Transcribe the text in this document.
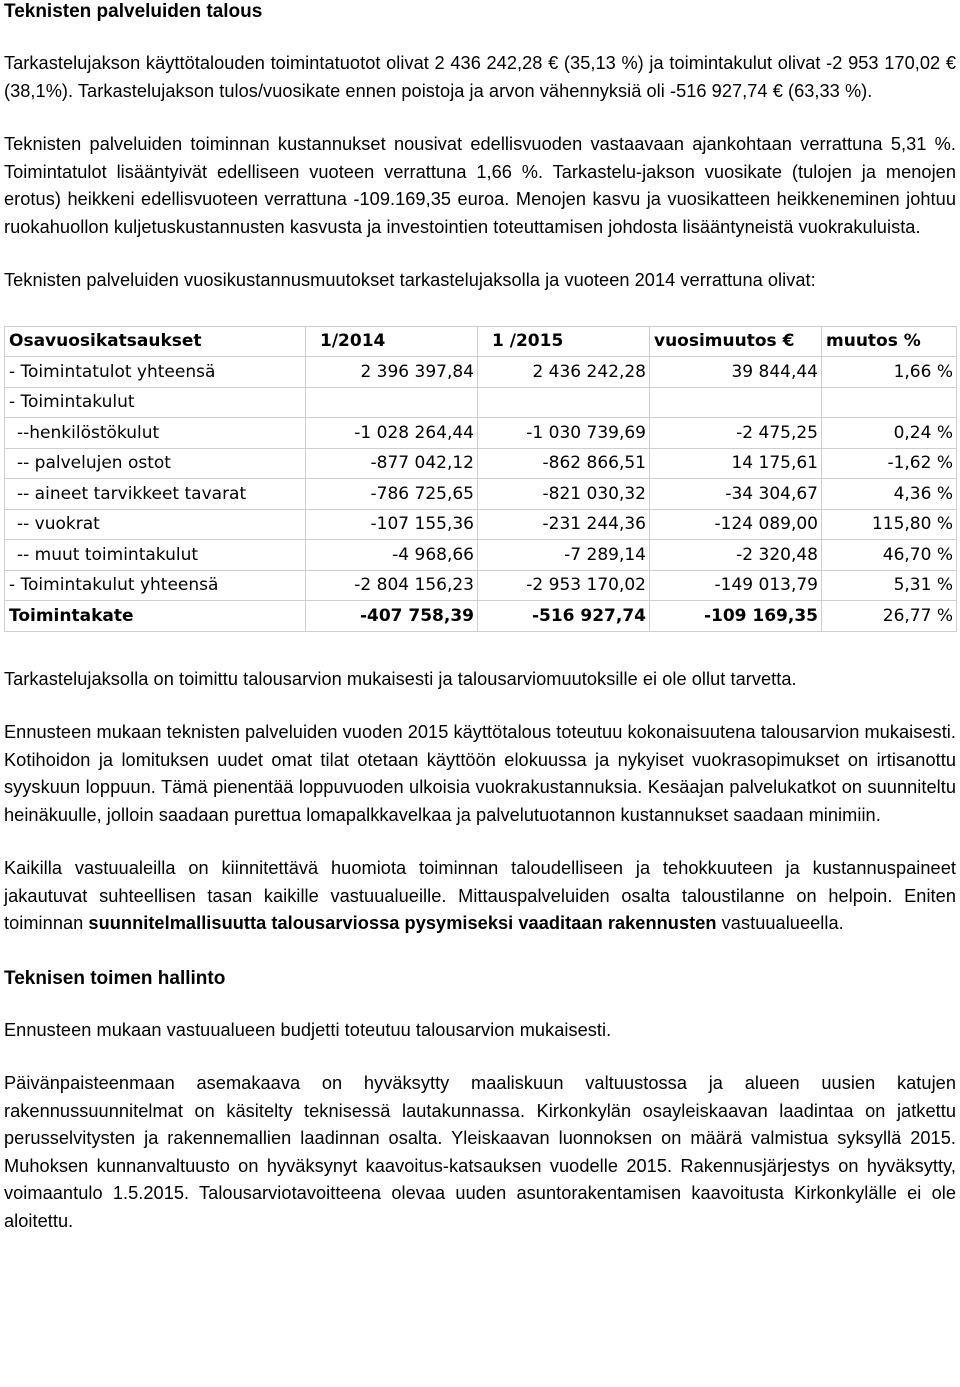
Teknisten palveluiden talous

Tarkastelujakson käyttötalouden toimintatuotot olivat 2 436 242,28 € (35,13 %) ja toimintakulut olivat -2 953 170,02 € (38,1%). Tarkastelujakson tulos/vuosikate ennen poistoja ja arvon vähennyksiä oli -516 927,74 € (63,33 %).

Teknisten palveluiden toiminnan kustannukset nousivat edellisvuoden vastaavaan ajankohtaan verrattuna 5,31 %. Toimintatulot lisääntyivät edelliseen vuoteen verrattuna 1,66 %. Tarkastelu-jakson vuosikate (tulojen ja menojen erotus) heikkeni edellisvuoteen verrattuna -109.169,35 euroa. Menojen kasvu ja vuosikatteen heikkeneminen johtuu ruokahuollon kuljetuskustannusten kasvusta ja investointien toteuttamisen johdosta lisääntyneistä vuokrakuluista.

Teknisten palveluiden vuosikustannusmuutokset tarkastelujaksolla ja vuoteen 2014 verrattuna olivat:

Osavuosikatsaukset	1/2014	1 /2015	vuosimuutos €	muutos %
- Toimintatulot yhteensä	2 396 397,84	2 436 242,28	39 844,44	1,66 %
- Toimintakulut				
--henkilöstökulut	-1 028 264,44	-1 030 739,69	-2 475,25	0,24 %
-- palvelujen ostot	-877 042,12	-862 866,51	14 175,61	-1,62 %
-- aineet tarvikkeet tavarat	-786 725,65	-821 030,32	-34 304,67	4,36 %
-- vuokrat	-107 155,36	-231 244,36	-124 089,00	115,80 %
-- muut toimintakulut	-4 968,66	-7 289,14	-2 320,48	46,70 %
- Toimintakulut yhteensä	-2 804 156,23	-2 953 170,02	-149 013,79	5,31 %
Toimintakate	-407 758,39	-516 927,74	-109 169,35	26,77 %

Tarkastelujaksolla on toimittu talousarvion mukaisesti ja talousarviomuutoksille ei ole ollut tarvetta.

Ennusteen mukaan teknisten palveluiden vuoden 2015 käyttötalous toteutuu kokonaisuutena talousarvion mukaisesti. Kotihoidon ja lomituksen uudet omat tilat otetaan käyttöön elokuussa ja nykyiset vuokrasopimukset on irtisanottu syyskuun loppuun. Tämä pienentää loppuvuoden ulkoisia vuokrakustannuksia. Kesäajan palvelukatkot on suunniteltu heinäkuulle, jolloin saadaan purettua lomapalkkavelkaa ja palvelutuotannon kustannukset saadaan minimiin.

Kaikilla vastuualeilla on kiinnitettävä huomiota toiminnan taloudelliseen ja tehokkuuteen ja kustannuspaineet jakautuvat suhteellisen tasan kaikille vastuualueille. Mittauspalveluiden osalta taloustilanne on helpoin. Eniten toiminnan suunnitelmallisuutta talousarviossa pysymiseksi vaaditaan rakennusten vastuualueella.

Teknisen toimen hallinto

Ennusteen mukaan vastuualueen budjetti toteutuu talousarvion mukaisesti.

Päivänpaisteenmaan asemakaava on hyväksytty maaliskuun valtuustossa ja alueen uusien katujen rakennussuunnitelmat on käsitelty teknisessä lautakunnassa. Kirkonkylän osayleiskaavan laadintaa on jatkettu perusselvitysten ja rakennemallien laadinnan osalta. Yleiskaavan luonnoksen on määrä valmistua syksyllä 2015. Muhoksen kunnanvaltuusto on hyväksynyt kaavoitus-katsauksen vuodelle 2015. Rakennusjärjestys on hyväksytty, voimaantulo 1.5.2015. Talousarviotavoitteena olevaa uuden asuntorakentamisen kaavoitusta Kirkonkylälle ei ole aloitettu.
